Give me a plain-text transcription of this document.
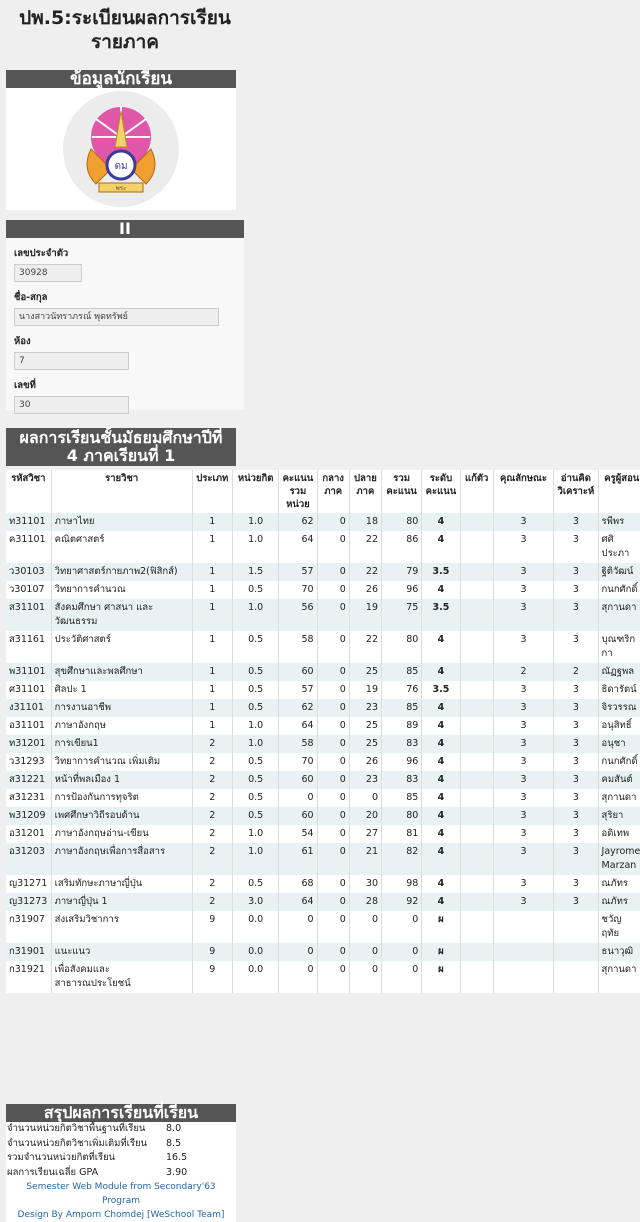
ปพ.5:ระเบียนผลการเรียน
รายภาค
ข้อมูลนักเรียน
ตม
พระ
II
เลขประจำตัว
30928
ชื่อ-สกุล
นางสาวนัทราภรณ์ พุดทรัพย์
ห้อง
7
เลขที่
30
ผลการเรียนชั้นมัธยมศึกษาปีที่
4 ภาคเรียนที่ 1
รหัสวิชา	รายวิชา	ประเภท	หน่วยกิต	คะแนน รวม หน่วย	กลาง ภาค	ปลาย ภาค	รวม คะแนน	ระดับ คะแนน	แก้ตัว	คุณลักษณะ	อ่านคิด วิเคราะห์	ครูผู้สอน
ท31101	ภาษาไทย	1	1.0	62	0	18	80	4		3	3	รพีพร
ค31101	คณิตศาสตร์	1	1.0	64	0	22	86	4		3	3	ศศิ ประภา
ว30103	วิทยาศาสตร์กายภาพ2(ฟิสิกส์)	1	1.5	57	0	22	79	3.5		3	3	ฐิติวัฒน์
ว30107	วิทยาการคำนวณ	1	0.5	70	0	26	96	4		3	3	กนกศักดิ์
ส31101	สังคมศึกษา ศาสนา และ วัฒนธรรม	1	1.0	56	0	19	75	3.5		3	3	สุกานดา
ส31161	ประวัติศาสตร์	1	0.5	58	0	22	80	4		3	3	บุณฑริก กา
พ31101	สุขศึกษาและพลศึกษา	1	0.5	60	0	25	85	4		2	2	ณัฏฐพล
ศ31101	ศิลปะ 1	1	0.5	57	0	19	76	3.5		3	3	ธิดารัตน์
ง31101	การงานอาชีพ	1	0.5	62	0	23	85	4		3	3	จิรวรรณ
อ31101	ภาษาอังกฤษ	1	1.0	64	0	25	89	4		3	3	อนุสิทธิ์
ท31201	การเขียน1	2	1.0	58	0	25	83	4		3	3	อนุชา
ว31293	วิทยาการคำนวณ เพิ่มเติม	2	0.5	70	0	26	96	4		3	3	กนกศักดิ์
ส31221	หน้าที่พลเมือง 1	2	0.5	60	0	23	83	4		3	3	คมสันต์
ส31231	การป้องกันการทุจริต	2	0.5	0	0	0	85	4		3	3	สุกานดา
พ31209	เพศศึกษาวิถีรอบด้าน	2	0.5	60	0	20	80	4		3	3	สุริยา
อ31201	ภาษาอังกฤษอ่าน-เขียน	2	1.0	54	0	27	81	4		3	3	อดิเทพ
อ31203	ภาษาอังกฤษเพื่อการสื่อสาร	2	1.0	61	0	21	82	4		3	3	Jayrome Marzan
ญ31271	เสริมทักษะภาษาญี่ปุ่น	2	0.5	68	0	30	98	4		3	3	ณภัทร
ญ31273	ภาษาญี่ปุ่น 1	2	3.0	64	0	28	92	4		3	3	ณภัทร
ก31907	ส่งเสริมวิชาการ	9	0.0	0	0	0	0	ผ				ชวัญ ฤทัย
ก31901	แนะแนว	9	0.0	0	0	0	0	ผ				ธนาวุฒิ
ก31921	เพื่อสังคมและ สาธารณประโยชน์	9	0.0	0	0	0	0	ผ				สุกานดา
สรุปผลการเรียนที่เรียน
จำนวนหน่วยกิตวิชาพื้นฐานที่เรียน	8.0
จำนวนหน่วยกิตวิชาเพิ่มเติมที่เรียน	8.5
รวมจำนวนหน่วยกิตที่เรียน	16.5
ผลการเรียนเฉลี่ย GPA	3.90
Semester Web Module from Secondary'63 Program
Design By Amporn Chomdej [WeSchool Team]
